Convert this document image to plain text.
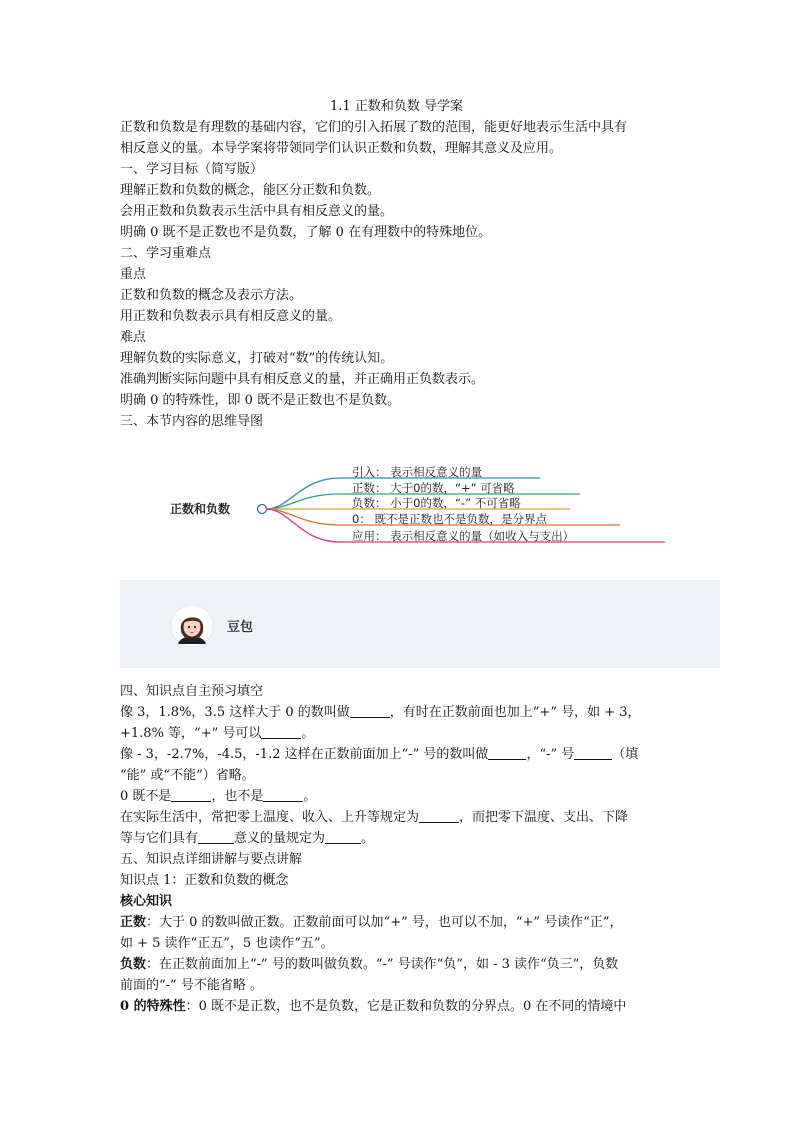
1.1 正数和负数 导学案
正数和负数是有理数的基础内容，它们的引入拓展了数的范围，能更好地表示生活中具有
相反意义的量。本导学案将带领同学们认识正数和负数，理解其意义及应用。
一、学习目标（简写版）
理解正数和负数的概念，能区分正数和负数。
会用正数和负数表示生活中具有相反意义的量。
明确 0 既不是正数也不是负数，了解 0 在有理数中的特殊地位。
二、学习重难点
重点
正数和负数的概念及表示方法。
用正数和负数表示具有相反意义的量。
难点
理解负数的实际意义，打破对“数”的传统认知。
准确判断实际问题中具有相反意义的量，并正确用正负数表示。
明确 0 的特殊性，即 0 既不是正数也不是负数。
三、本节内容的思维导图
正数和负数
引入： 表示相反意义的量
正数： 大于0的数，“+” 可省略
负数： 小于0的数，“-” 不可省略
0： 既不是正数也不是负数，是分界点
应用： 表示相反意义的量（如收入与支出）
豆包
四、知识点自主预习填空
像 3，1.8%，3.5 这样大于 0 的数叫做	，有时在正数前面也加上“+” 号，如 + 3，
+1.8% 等，“+” 号可以	。
像 - 3，-2.7%，-4.5，-1.2 这样在正数前面加上“-” 号的数叫做	，“-” 号	（填
“能” 或“不能”）省略。
0 既不是	，也不是	。
在实际生活中，常把零上温度、收入、上升等规定为	，而把零下温度、支出、下降
等与它们具有	意义的量规定为	。
五、知识点详细讲解与要点讲解
知识点 1：正数和负数的概念
核心知识
正数：大于 0 的数叫做正数。正数前面可以加“+” 号，也可以不加，“+” 号读作“正”，
如 + 5 读作“正五”，5 也读作“五”。
负数：在正数前面加上“-” 号的数叫做负数。“-” 号读作“负”，如 - 3 读作“负三”，负数
前面的“-” 号不能省略 。
0 的特殊性：0 既不是正数，也不是负数，它是正数和负数的分界点。0 在不同的情境中
